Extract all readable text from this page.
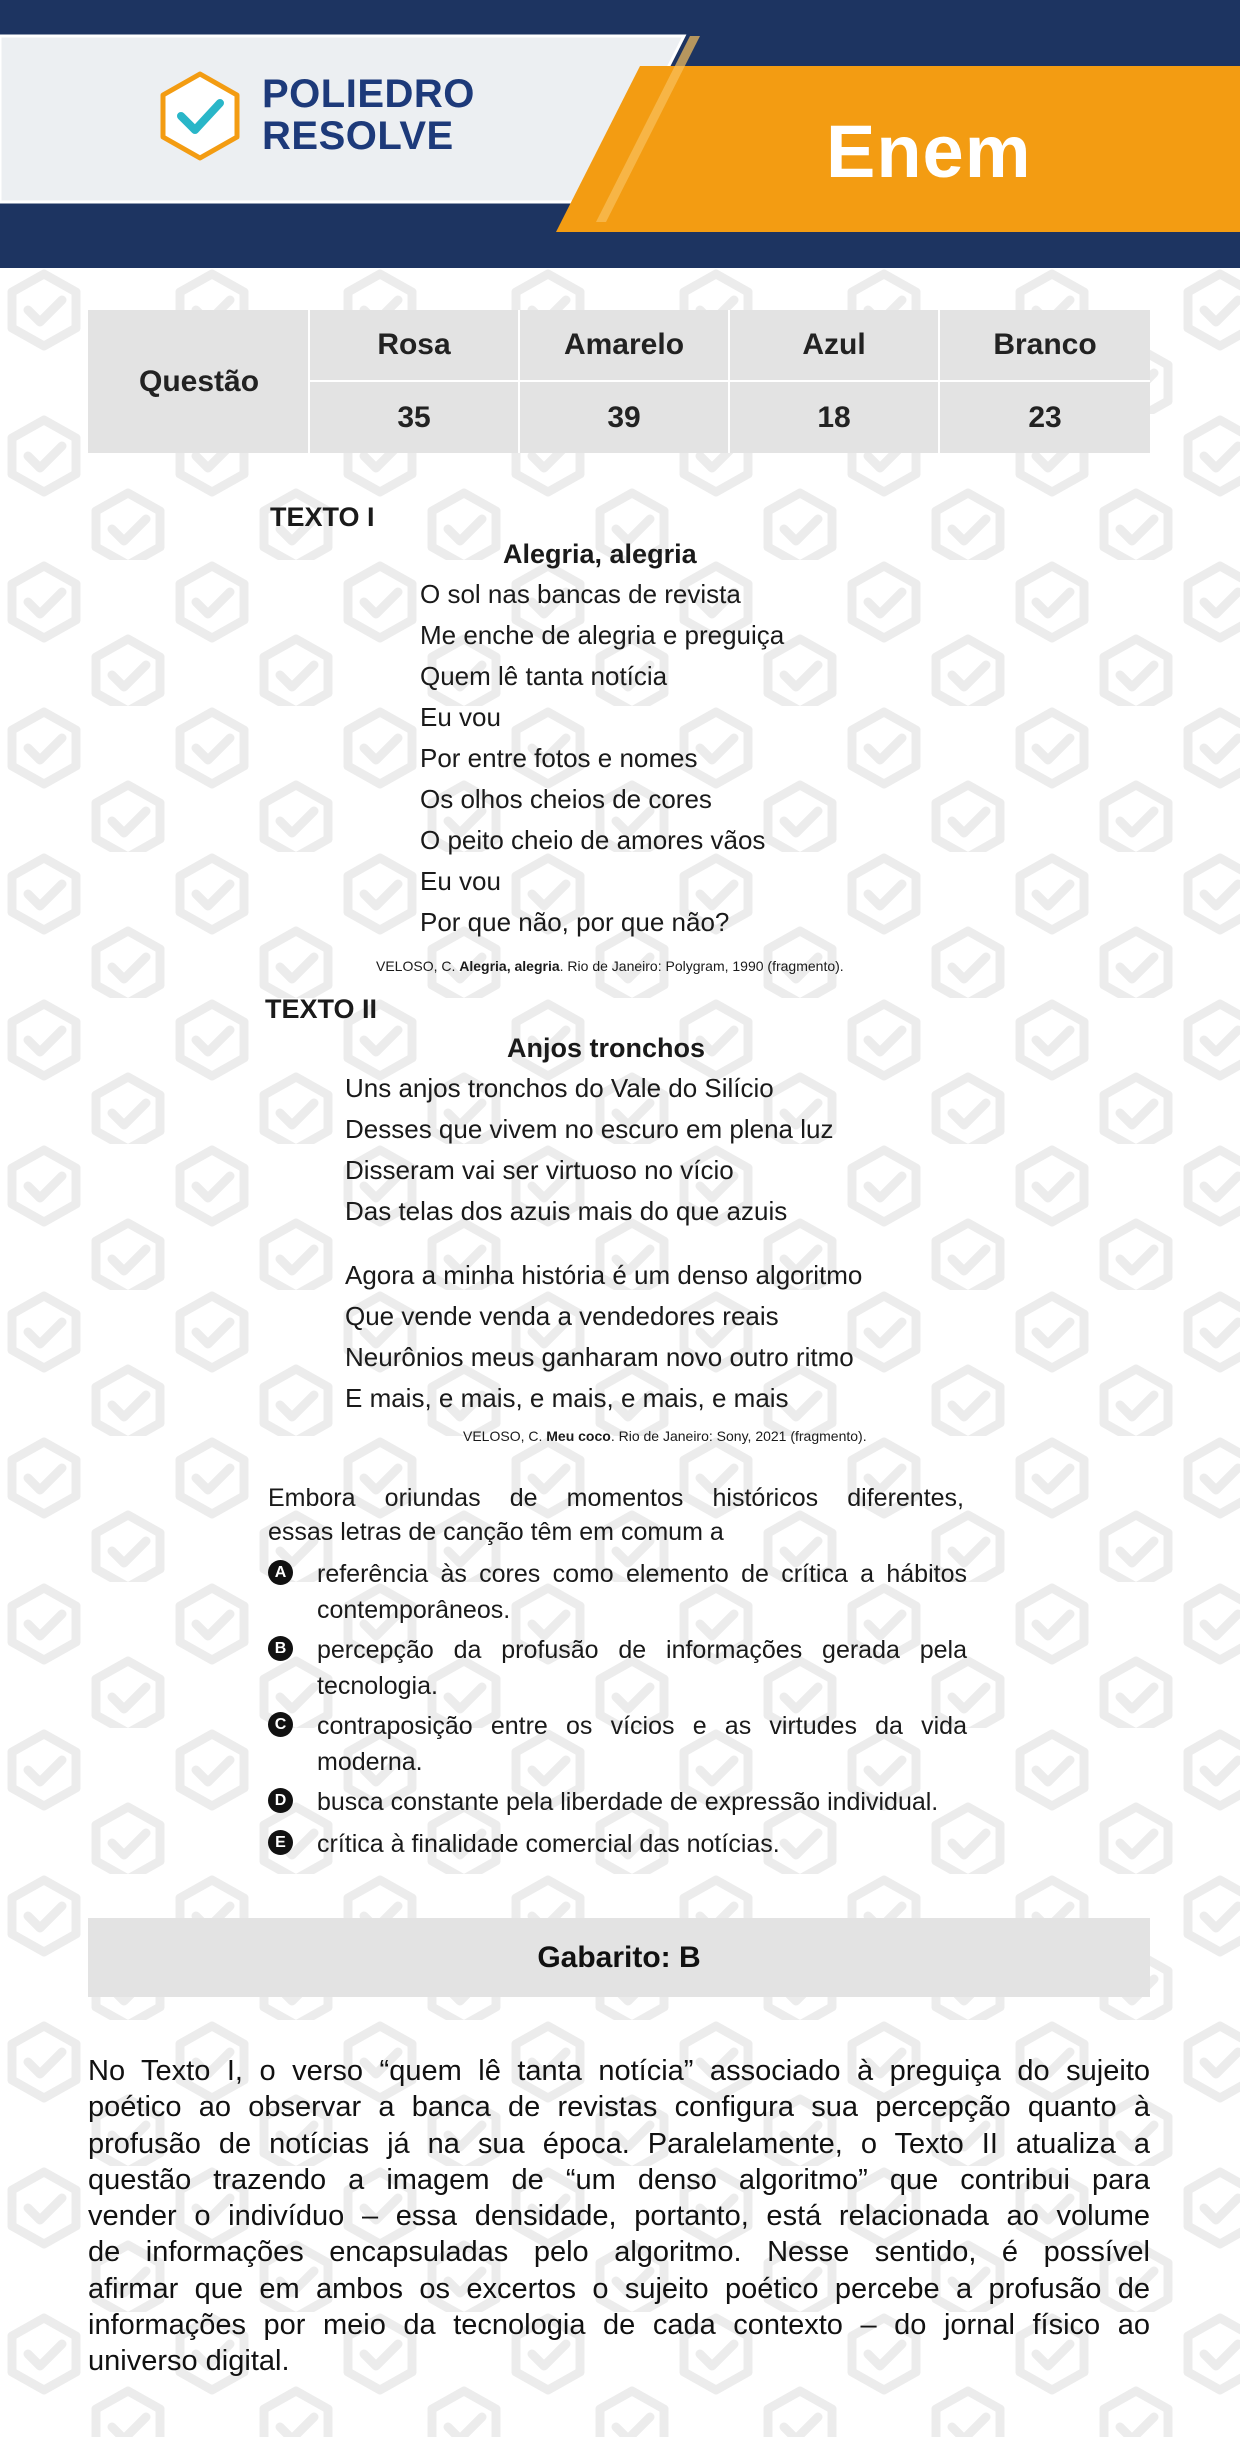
POLIEDRO
RESOLVE	Enem
Questão
Rosa	Amarelo	Azul	Branco
35	39	18	23
TEXTO I
Alegria, alegria
O sol nas bancas de revista
Me enche de alegria e preguiça
Quem lê tanta notícia
Eu vou
Por entre fotos e nomes
Os olhos cheios de cores
O peito cheio de amores vãos
Eu vou
Por que não, por que não?
VELOSO, C. Alegria, alegria. Rio de Janeiro: Polygram, 1990 (fragmento).
TEXTO II
Anjos tronchos
Uns anjos tronchos do Vale do Silício
Desses que vivem no escuro em plena luz
Disseram vai ser virtuoso no vício
Das telas dos azuis mais do que azuis
Agora a minha história é um denso algoritmo
Que vende venda a vendedores reais
Neurônios meus ganharam novo outro ritmo
E mais, e mais, e mais, e mais, e mais
VELOSO, C. Meu coco. Rio de Janeiro: Sony, 2021 (fragmento).
Embora oriundas de momentos históricos diferentes,
essas letras de canção têm em comum a
A referência às cores como elemento de crítica a hábitos
contemporâneos.
B percepção da profusão de informações gerada pela
tecnologia.
C contraposição entre os vícios e as virtudes da vida
moderna.
D busca constante pela liberdade de expressão individual.
E crítica à finalidade comercial das notícias.
Gabarito: B
No Texto I, o verso “quem lê tanta notícia” associado à preguiça do sujeito
poético ao observar a banca de revistas configura sua percepção quanto à
profusão de notícias já na sua época. Paralelamente, o Texto II atualiza a
questão trazendo a imagem de “um denso algoritmo” que contribui para
vender o indivíduo – essa densidade, portanto, está relacionada ao volume
de informações encapsuladas pelo algoritmo. Nesse sentido, é possível
afirmar que em ambos os excertos o sujeito poético percebe a profusão de
informações por meio da tecnologia de cada contexto – do jornal físico ao
universo digital.
